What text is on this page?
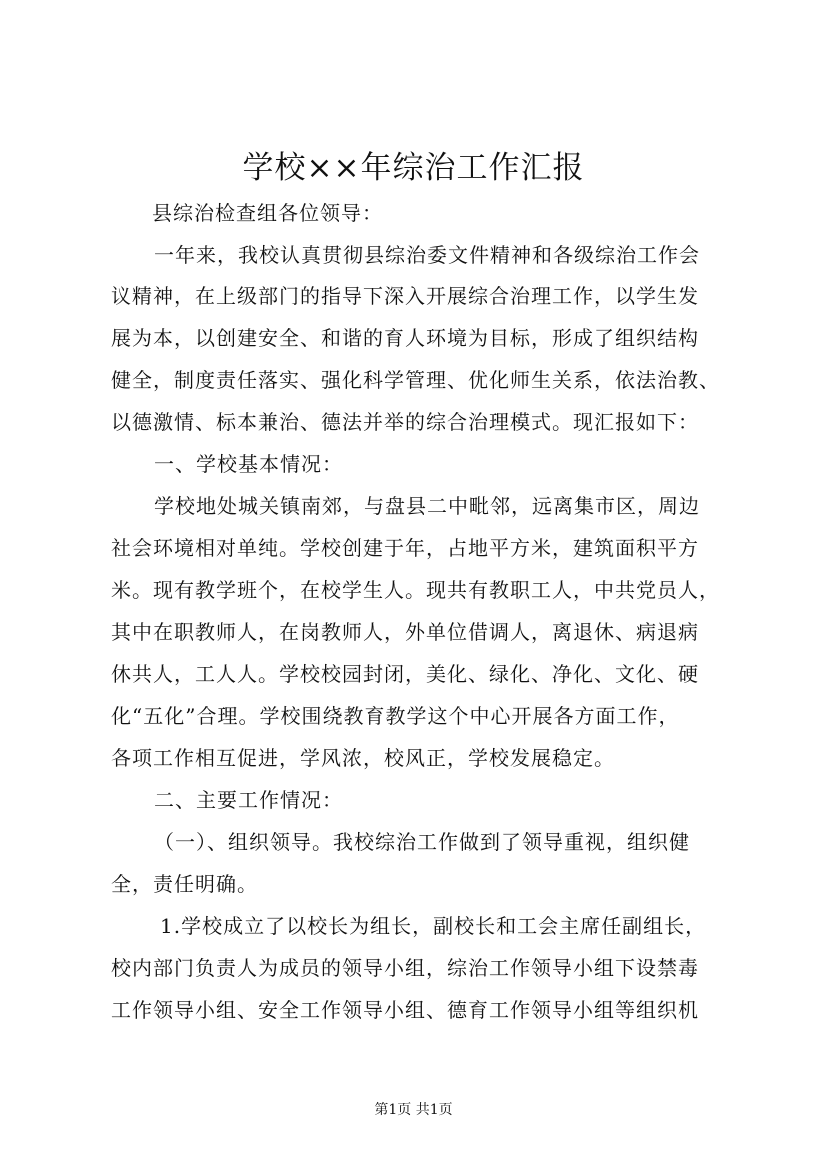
学校××年综治工作汇报
县综治检查组各位领导：
一年来，我校认真贯彻县综治委文件精神和各级综治工作会
议精神，在上级部门的指导下深入开展综合治理工作，以学生发
展为本，以创建安全、和谐的育人环境为目标，形成了组织结构
健全，制度责任落实、强化科学管理、优化师生关系，依法治教、
以德激情、标本兼治、德法并举的综合治理模式。现汇报如下：
一、学校基本情况：
学校地处城关镇南郊，与盘县二中毗邻，远离集市区，周边
社会环境相对单纯。学校创建于年，占地平方米，建筑面积平方
米。现有教学班个，在校学生人。现共有教职工人，中共党员人，
其中在职教师人，在岗教师人，外单位借调人，离退休、病退病
休共人，工人人。学校校园封闭，美化、绿化、净化、文化、硬
化“五化”合理。学校围绕教育教学这个中心开展各方面工作，
各项工作相互促进，学风浓，校风正，学校发展稳定。
二、主要工作情况：
（一）、组织领导。我校综治工作做到了领导重视，组织健
全，责任明确。
1.学校成立了以校长为组长，副校长和工会主席任副组长，
校内部门负责人为成员的领导小组，综治工作领导小组下设禁毒
工作领导小组、安全工作领导小组、德育工作领导小组等组织机
第1页 共1页
